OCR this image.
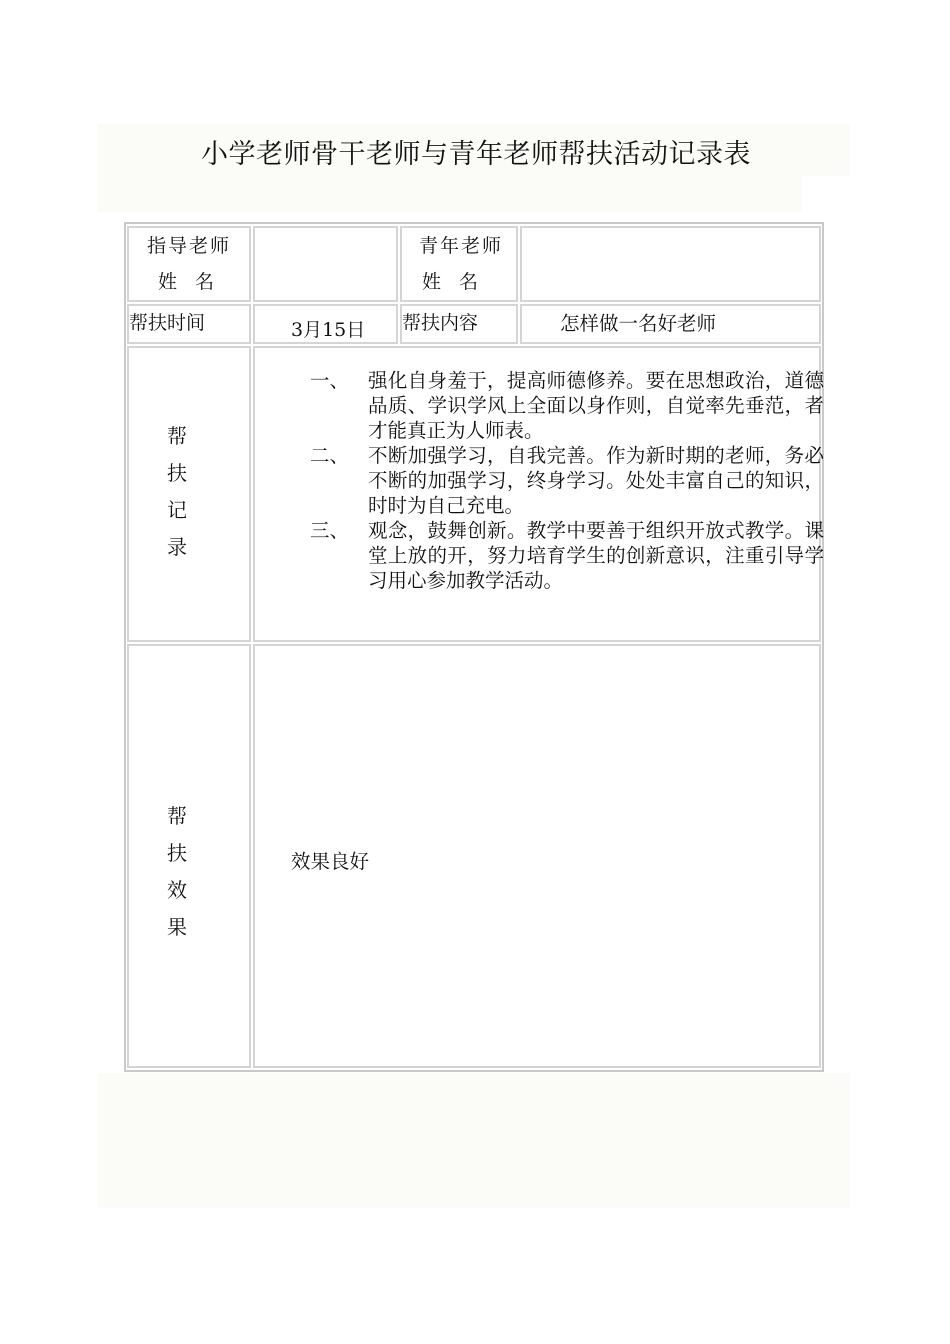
小学老师骨干老师与青年老师帮扶活动记录表
指导老师
姓 名
青年老师
姓 名
帮扶时间	3月15日 帮扶内容	怎样做一名好老师
帮
扶
记
录
一、 强化自身羞于，提高师德修养。要在思想政治，道德品质、学识学风上全面以身作则，自觉率先垂范，者才能真正为人师表。
二、 不断加强学习，自我完善。作为新时期的老师，务必不断的加强学习，终身学习。处处丰富自己的知识，时时为自己充电。
三、 观念，鼓舞创新。教学中要善于组织开放式教学。课堂上放的开，努力培育学生的创新意识，注重引导学习用心参加教学活动。
帮
扶
效
果
效果良好
